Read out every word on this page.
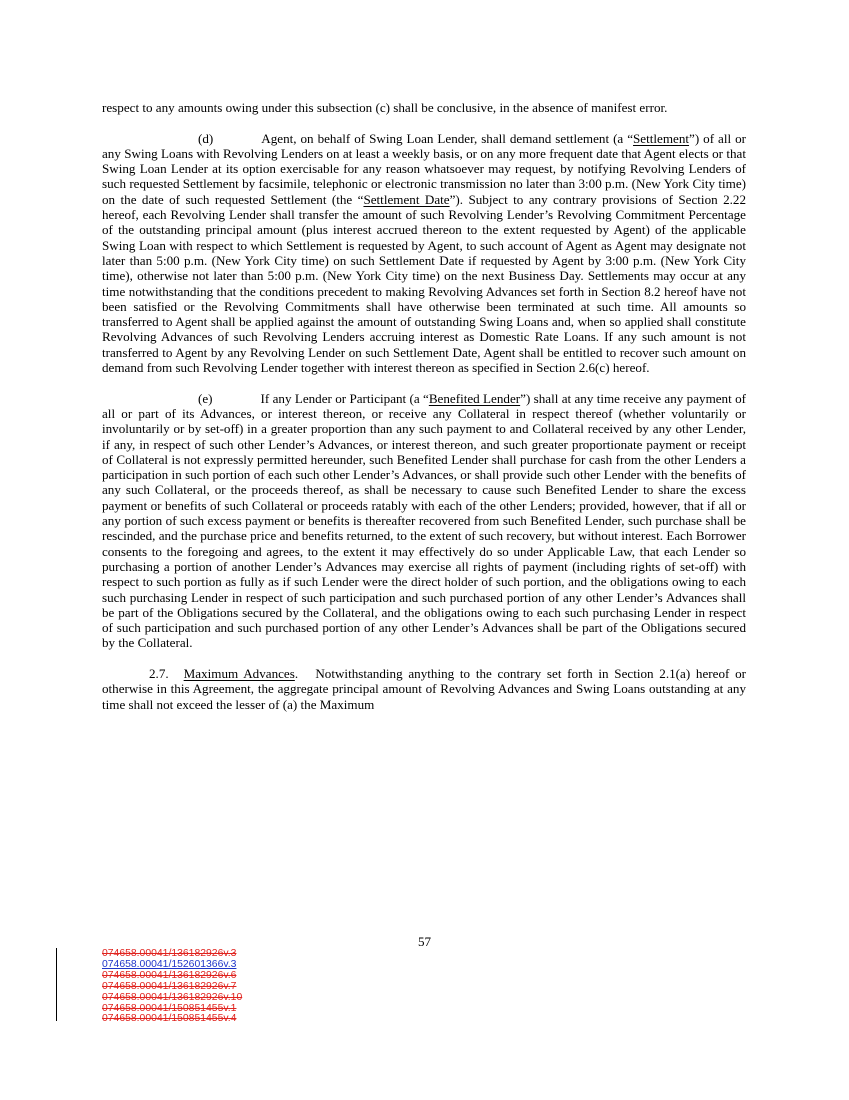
respect to any amounts owing under this subsection (c) shall be conclusive, in the absence of manifest error.

(d)	Agent, on behalf of Swing Loan Lender, shall demand settlement (a “Settlement”) of all or any Swing Loans with Revolving Lenders on at least a weekly basis, or on any more frequent date that Agent elects or that Swing Loan Lender at its option exercisable for any reason whatsoever may request, by notifying Revolving Lenders of such requested Settlement by facsimile, telephonic or electronic transmission no later than 3:00 p.m. (New York City time) on the date of such requested Settlement (the “Settlement Date”). Subject to any contrary provisions of Section 2.22 hereof, each Revolving Lender shall transfer the amount of such Revolving Lender’s Revolving Commitment Percentage of the outstanding principal amount (plus interest accrued thereon to the extent requested by Agent) of the applicable Swing Loan with respect to which Settlement is requested by Agent, to such account of Agent as Agent may designate not later than 5:00 p.m. (New York City time) on such Settlement Date if requested by Agent by 3:00 p.m. (New York City time), otherwise not later than 5:00 p.m. (New York City time) on the next Business Day. Settlements may occur at any time notwithstanding that the conditions precedent to making Revolving Advances set forth in Section 8.2 hereof have not been satisfied or the Revolving Commitments shall have otherwise been terminated at such time. All amounts so transferred to Agent shall be applied against the amount of outstanding Swing Loans and, when so applied shall constitute Revolving Advances of such Revolving Lenders accruing interest as Domestic Rate Loans. If any such amount is not transferred to Agent by any Revolving Lender on such Settlement Date, Agent shall be entitled to recover such amount on demand from such Revolving Lender together with interest thereon as specified in Section 2.6(c) hereof.

(e)	If any Lender or Participant (a “Benefited Lender”) shall at any time receive any payment of all or part of its Advances, or interest thereon, or receive any Collateral in respect thereof (whether voluntarily or involuntarily or by set-off) in a greater proportion than any such payment to and Collateral received by any other Lender, if any, in respect of such other Lender’s Advances, or interest thereon, and such greater proportionate payment or receipt of Collateral is not expressly permitted hereunder, such Benefited Lender shall purchase for cash from the other Lenders a participation in such portion of each such other Lender’s Advances, or shall provide such other Lender with the benefits of any such Collateral, or the proceeds thereof, as shall be necessary to cause such Benefited Lender to share the excess payment or benefits of such Collateral or proceeds ratably with each of the other Lenders; provided, however, that if all or any portion of such excess payment or benefits is thereafter recovered from such Benefited Lender, such purchase shall be rescinded, and the purchase price and benefits returned, to the extent of such recovery, but without interest. Each Borrower consents to the foregoing and agrees, to the extent it may effectively do so under Applicable Law, that each Lender so purchasing a portion of another Lender’s Advances may exercise all rights of payment (including rights of set-off) with respect to such portion as fully as if such Lender were the direct holder of such portion, and the obligations owing to each such purchasing Lender in respect of such participation and such purchased portion of any other Lender’s Advances shall be part of the Obligations secured by the Collateral, and the obligations owing to each such purchasing Lender in respect of such participation and such purchased portion of any other Lender’s Advances shall be part of the Obligations secured by the Collateral.

2.7. Maximum Advances. Notwithstanding anything to the contrary set forth in Section 2.1(a) hereof or otherwise in this Agreement, the aggregate principal amount of Revolving Advances and Swing Loans outstanding at any time shall not exceed the lesser of (a) the Maximum

57
074658.00041/136182926v.3
074658.00041/152601366v.3
074658.00041/136182926v.6
074658.00041/136182926v.7
074658.00041/136182926v.10
074658.00041/150851455v.1
074658.00041/150851455v.4
